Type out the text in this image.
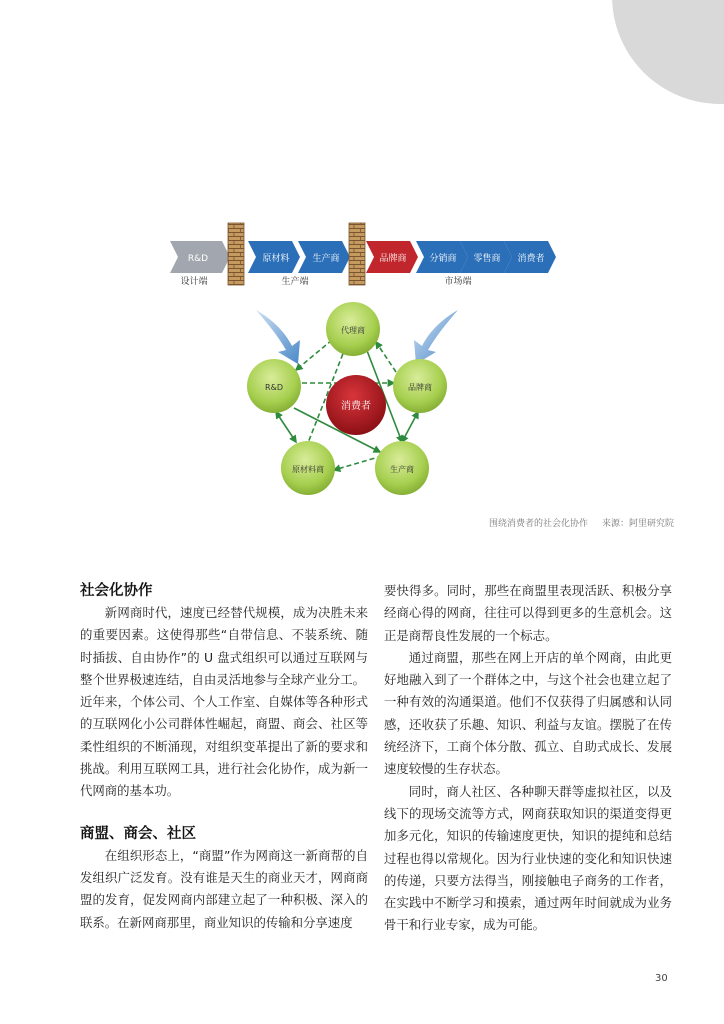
R&D	原材料	生产商	品牌商	分销商 零售商 消费者
设计端	生产端	市场端
消费者
代理商
品牌商
生产商
原材料商
R&D
围绕消费者的社会化协作 来源：阿里研究院
社会化协作

新网商时代，速度已经替代规模，成为决胜未来的重要因素。这使得那些“自带信息、不装系统、随时插拔、自由协作”的 U 盘式组织可以通过互联网与整个世界极速连结，自由灵活地参与全球产业分工。

近年来，个体公司、个人工作室、自媒体等各种形式的互联网化小公司群体性崛起，商盟、商会、社区等柔性组织的不断涌现，对组织变革提出了新的要求和挑战。利用互联网工具，进行社会化协作，成为新一代网商的基本功。

商盟、商会、社区

在组织形态上，“商盟”作为网商这一新商帮的自发组织广泛发育。没有谁是天生的商业天才，网商商盟的发育，促发网商内部建立起了一种积极、深入的联系。在新网商那里，商业知识的传输和分享速度

要快得多。同时，那些在商盟里表现活跃、积极分享经商心得的网商，往往可以得到更多的生意机会。这正是商帮良性发展的一个标志。

通过商盟，那些在网上开店的单个网商，由此更好地融入到了一个群体之中，与这个社会也建立起了一种有效的沟通渠道。他们不仅获得了归属感和认同感，还收获了乐趣、知识、利益与友谊。摆脱了在传统经济下，工商个体分散、孤立、自助式成长、发展速度较慢的生存状态。

同时，商人社区、各种聊天群等虚拟社区，以及线下的现场交流等方式，网商获取知识的渠道变得更加多元化，知识的传输速度更快，知识的提纯和总结过程也得以常规化。因为行业快速的变化和知识快速的传递，只要方法得当，刚接触电子商务的工作者，在实践中不断学习和摸索，通过两年时间就成为业务骨干和行业专家，成为可能。

30
